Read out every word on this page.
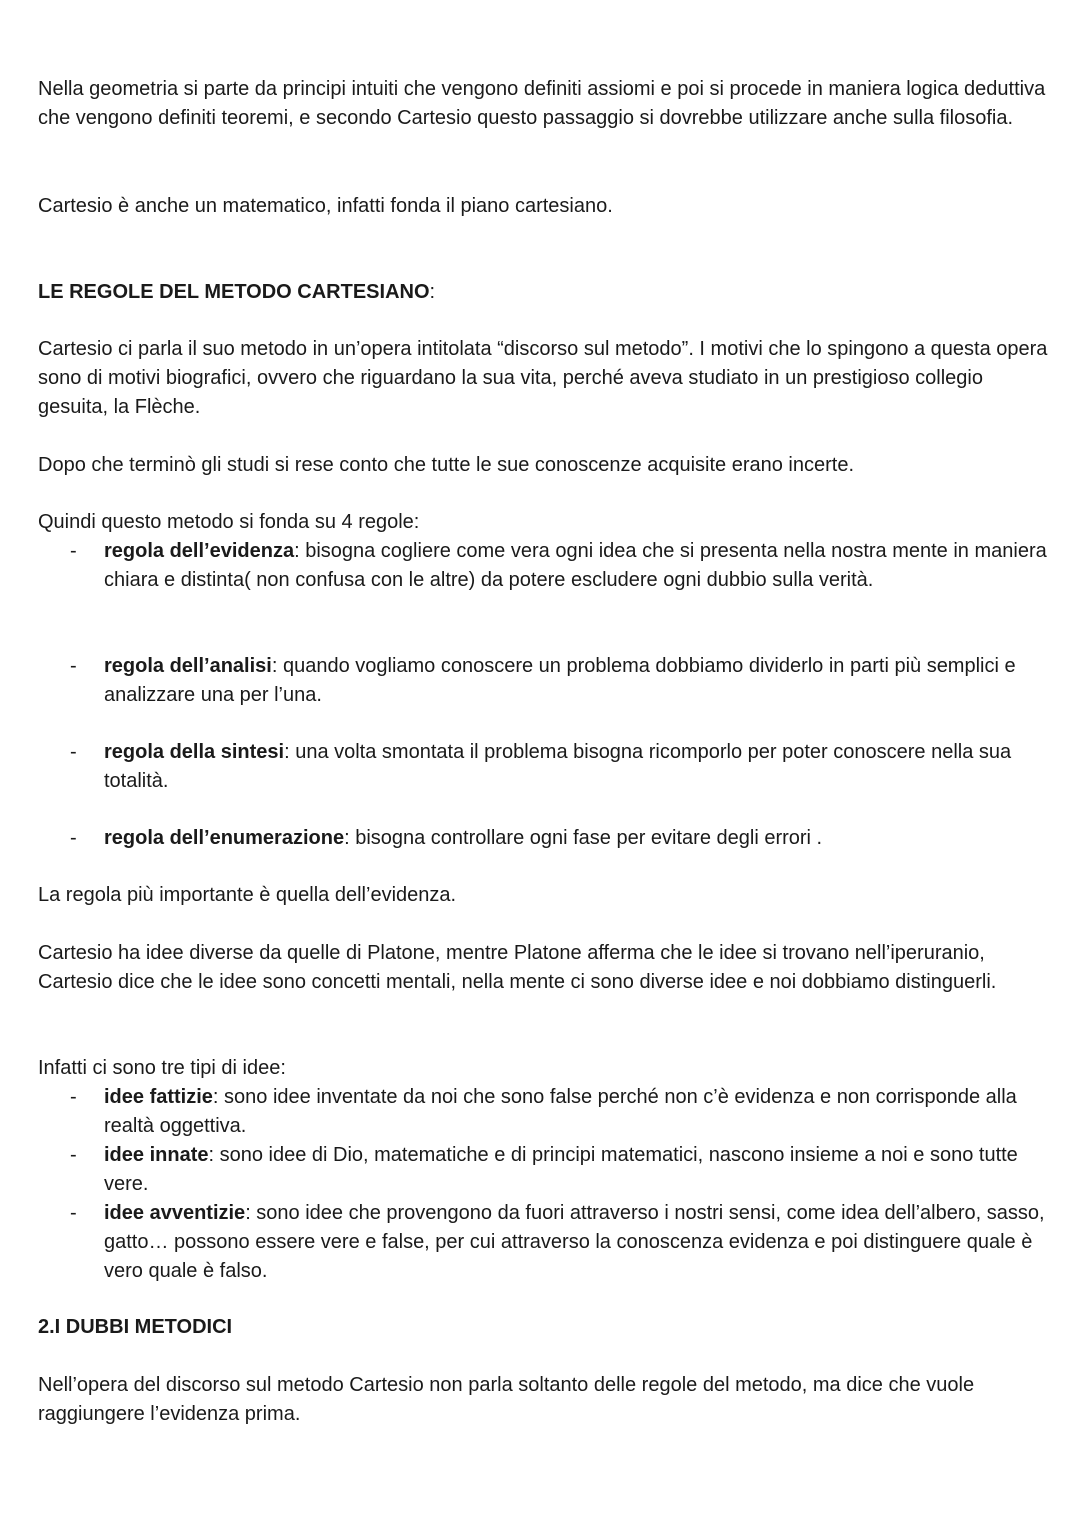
Nella geometria si parte da principi intuiti che vengono definiti assiomi e poi si procede in maniera logica deduttiva che vengono definiti teoremi, e secondo Cartesio questo passaggio si dovrebbe utilizzare anche sulla filosofia.

Cartesio è anche un matematico, infatti fonda il piano cartesiano.

LE REGOLE DEL METODO CARTESIANO:

Cartesio ci parla il suo metodo in un’opera intitolata “discorso sul metodo”. I motivi che lo spingono a questa opera sono di motivi biografici, ovvero che riguardano la sua vita, perché aveva studiato in un prestigioso collegio gesuita, la Flèche.

Dopo che terminò gli studi si rese conto che tutte le sue conoscenze acquisite erano incerte.

Quindi questo metodo si fonda su 4 regole:

- regola dell’evidenza: bisogna cogliere come vera ogni idea che si presenta nella nostra mente in maniera chiara e distinta( non confusa con le altre) da potere escludere ogni dubbio sulla verità.
- regola dell’analisi: quando vogliamo conoscere un problema dobbiamo dividerlo in parti più semplici e analizzare una per l’una.
- regola della sintesi: una volta smontata il problema bisogna ricomporlo per poter conoscere nella sua totalità.
- regola dell’enumerazione: bisogna controllare ogni fase per evitare degli errori .

La regola più importante è quella dell’evidenza.

Cartesio ha idee diverse da quelle di Platone, mentre Platone afferma che le idee si trovano nell’iperuranio, Cartesio dice che le idee sono concetti mentali, nella mente ci sono diverse idee e noi dobbiamo distinguerli.

Infatti ci sono tre tipi di idee:

- idee fattizie: sono idee inventate da noi che sono false perché non c’è evidenza e non corrisponde alla realtà oggettiva.
- idee innate: sono idee di Dio, matematiche e di principi matematici, nascono insieme a noi e sono tutte vere.
- idee avventizie: sono idee che provengono da fuori attraverso i nostri sensi, come idea dell’albero, sasso, gatto… possono essere vere e false, per cui attraverso la conoscenza evidenza e poi distinguere quale è vero quale è falso.

2.I DUBBI METODICI

Nell’opera del discorso sul metodo Cartesio non parla soltanto delle regole del metodo, ma dice che vuole raggiungere l’evidenza prima.
